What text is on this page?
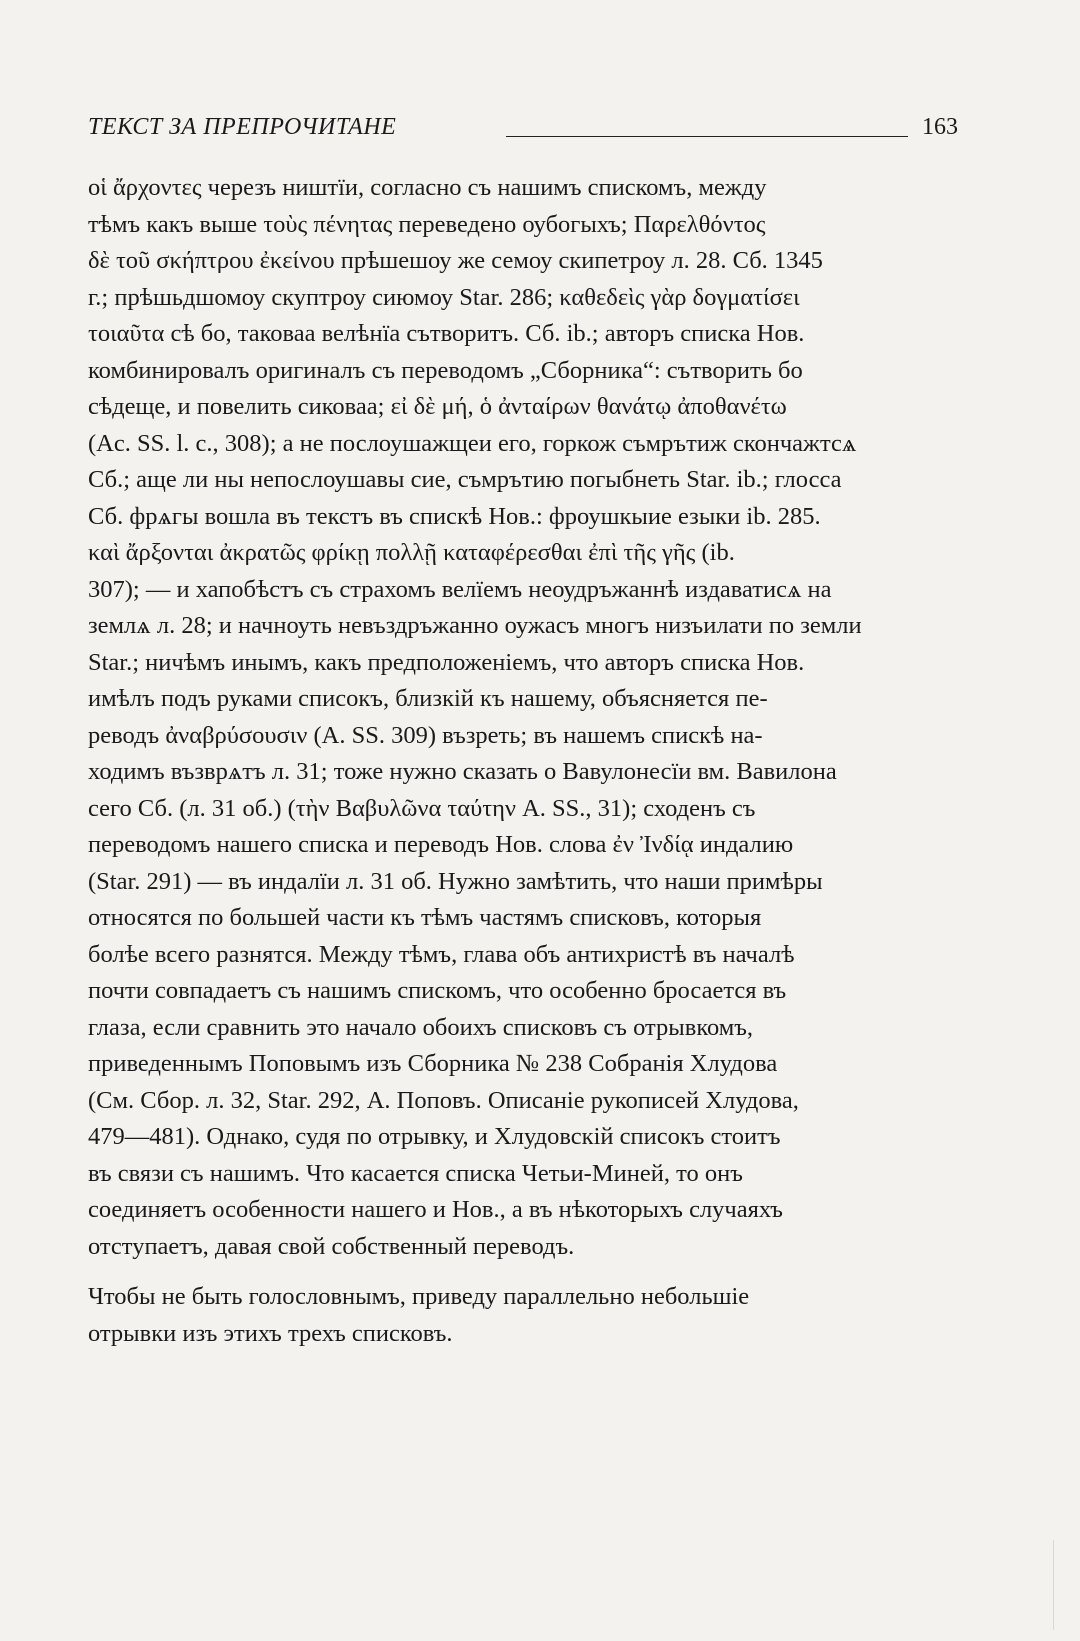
ТЕКСТ ЗА ПРЕПРОЧИТАНЕ	163

οἱ ἄρχοντες черезъ ништїи, согласно съ нашимъ спискомъ, между
тѣмъ какъ выше τοὺς πένητας переведено оубогыхъ; Παρελθόντος
δὲ τοῦ σκήπτρου ἐκείνου прѣшешоу же семоу скипетроу л. 28. Сб. 1345
г.; прѣшьдшомоу скуптроу сиюмоу Star. 286; καθεδεὶς γὰρ δογματίσει
τοιαῦτα сѣ бо, таковаа велѣнїа сътворитъ. Сб. ib.; авторъ списка Нов.
комбинировалъ оригиналъ съ переводомъ „Сборника“: сътворить бо
сѣдеще, и повелить сиковаа; εἰ δὲ μή, ὁ ἀνταίρων θανάτῳ ἀποθανέτω
(Ac. SS. l. c., 308); а не послоушажщеи его, горкож съмрътиж скончажтсѧ
Сб.; аще ли ны непослоушавы сие, съмрътию погыбнеть Star. ib.; глосса
Сб. фрѧгы вошла въ текстъ въ спискѣ Нов.: фроушкыие езыки ib. 285.
καὶ ἄρξονται ἀκρατῶς φρίκῃ πολλῇ καταφέρεσθαι ἐπὶ τῆς γῆς (ib.
307); — и хапобѣстъ съ страхомъ велїемъ неоудръжаннѣ издаватисѧ на
землѧ л. 28; и начноуть невъздръжанно оужасъ многъ низъилати по земли
Star.; ничѣмъ инымъ, какъ предположенiемъ, что авторъ списка Нов.
имѣлъ подъ руками списокъ, близкiй къ нашему, объясняется пе-
реводъ ἀναβρύσουσιν (A. SS. 309) възреть; въ нашемъ спискѣ на-
ходимъ възврѧтъ л. 31; тоже нужно сказать о Вавулонесїи вм. Вавилона
сего Сб. (л. 31 об.) (τὴν Βαβυλῶνα ταύτην A. SS., 31); сходенъ съ
переводомъ нашего списка и переводъ Нов. слова ἐν Ἰνδίᾳ индалию
(Star. 291) — въ индалїи л. 31 об. Нужно замѣтить, что наши примѣры
относятся по большей части къ тѣмъ частямъ списковъ, которыя
болѣе всего разнятся. Между тѣмъ, глава объ антихристѣ въ началѣ
почти совпадаетъ съ нашимъ спискомъ, что особенно бросается въ
глаза, если сравнить это начало обоихъ списковъ съ отрывкомъ,
приведеннымъ Поповымъ изъ Сборника № 238 Собранiя Хлудова
(См. Сбор. л. 32, Star. 292, А. Поповъ. Описанiе рукописей Хлудова,
479—481). Однако, судя по отрывку, и Хлудовскiй списокъ стоитъ
въ связи съ нашимъ. Что касается списка Четьи-Миней, то онъ
соединяетъ особенности нашего и Нов., а въ нѣкоторыхъ случаяхъ
отступаетъ, давая свой собственный переводъ.

Чтобы не быть голословнымъ, приведу параллельно небольшiе
отрывки изъ этихъ трехъ списковъ.
